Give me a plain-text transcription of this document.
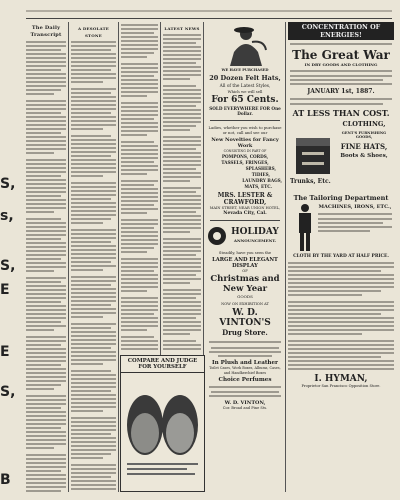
S,
s,
S,
E
E
S,
B
The Daily Transcript
A DESOLATE STONE
LATEST NEWS
COMPARE AND JUDGE FOR YOURSELF
WE HAVE PURCHASED
20 Dozen Felt Hats,
All of the Latest Styles,
Which we will sell
For 65 Cents.
SOLD EVERYWHERE FOR One Dollar.
Ladies, whether you wish to purchase or not, call and see our
New Novelties for Fancy Work
CONSISTING IN PART OF
POMPONS, CORDS,
TASSELS, FRINGES,
SPLASHERS,
TIDIES,
LAUNDRY BAGS,
MATS, ETC.
MRS. LESTER & CRAWFORD,
MAIN STREET, NEAR UNION HOTEL,
Nevada City, Cal.
HOLIDAY
ANNOUNCEMENT.
Steadily, have you seen the
LARGE AND ELEGANT DISPLAY
OF
Christmas and New Year
GOODS
NOW ON EXHIBITION AT
W. D. VINTON'S
Drug Store.
In Plush and Leather
Toilet Cases, Work Boxes, Albums, Cases, and Handkerchief Boxes
Choice Perfumes
W. D. VINTON,
Cor. Broad and Pine Sts.
CONCENTRATION OF ENERGIES!
The Great War
IN DRY GOODS AND CLOTHING
JANUARY 1st, 1887.
AT LESS THAN COST.
CLOTHING,
GENT'S FURNISHING GOODS,
FINE HATS,
Boots & Shoes,
Trunks, Etc.
The Tailoring Department
MACHINES, IRONS, ETC.,
CLOTH BY THE YARD AT HALF PRICE.
I. HYMAN,
Proprietor San Francisco Opposition Store.
